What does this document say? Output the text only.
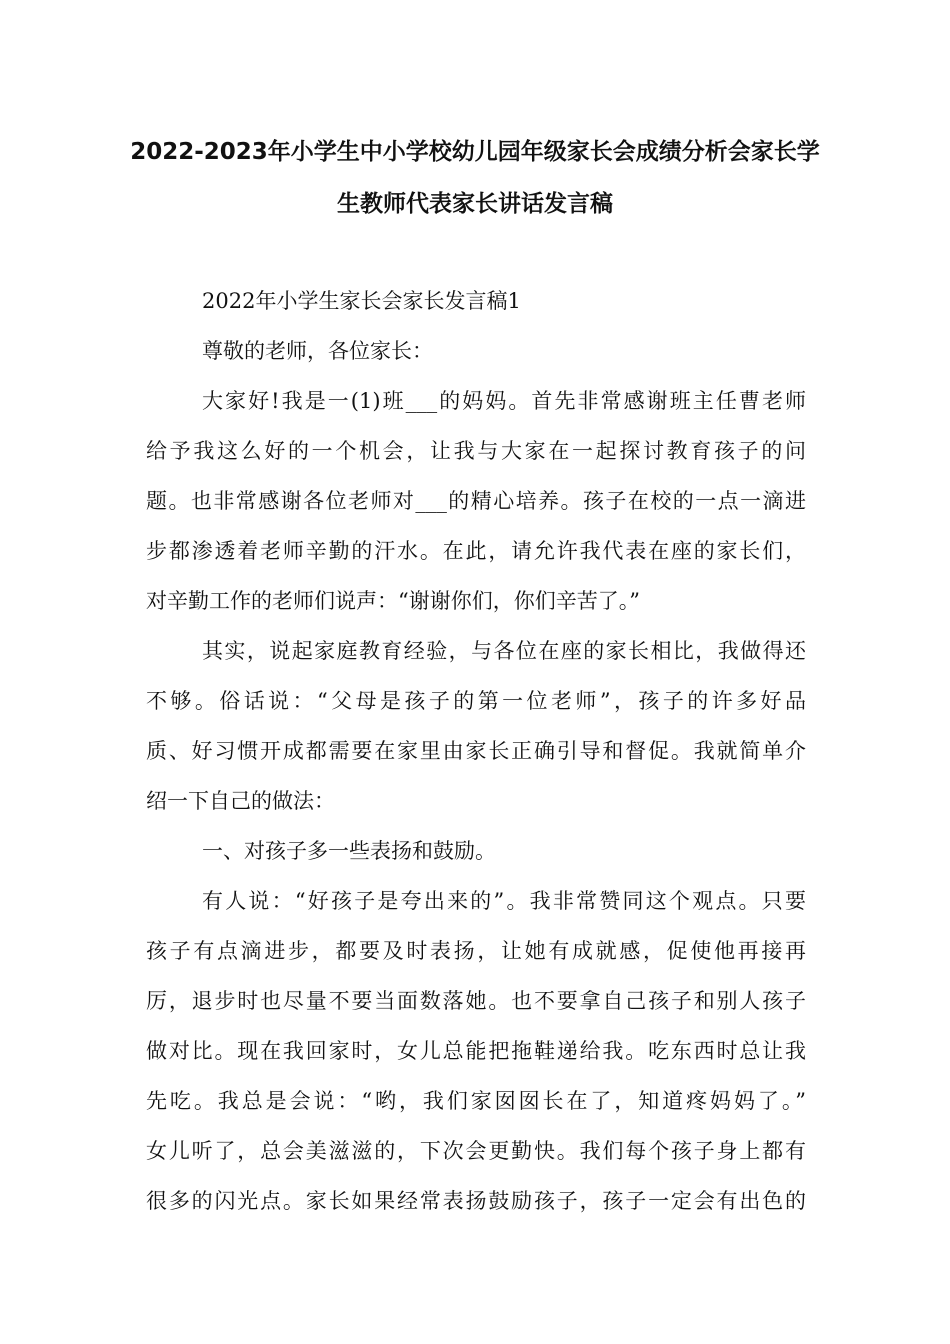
2022-2023年小学生中小学校幼儿园年级家长会成绩分析会家长学
生教师代表家长讲话发言稿
2022年小学生家长会家长发言稿1
尊敬的老师，各位家长：
大家好!我是一(1)班___的妈妈。首先非常感谢班主任曹老师
给予我这么好的一个机会，让我与大家在一起探讨教育孩子的问
题。也非常感谢各位老师对___的精心培养。孩子在校的一点一滴进
步都渗透着老师辛勤的汗水。在此，请允许我代表在座的家长们，
对辛勤工作的老师们说声：“谢谢你们，你们辛苦了。”
其实，说起家庭教育经验，与各位在座的家长相比，我做得还
不够。俗话说：“父母是孩子的第一位老师”，孩子的许多好品
质、好习惯开成都需要在家里由家长正确引导和督促。我就简单介
绍一下自己的做法：
一、对孩子多一些表扬和鼓励。
有人说：“好孩子是夸出来的”。我非常赞同这个观点。只要
孩子有点滴进步，都要及时表扬，让她有成就感，促使他再接再
厉，退步时也尽量不要当面数落她。也不要拿自己孩子和别人孩子
做对比。现在我回家时，女儿总能把拖鞋递给我。吃东西时总让我
先吃。我总是会说：“哟，我们家囡囡长在了，知道疼妈妈了。”
女儿听了，总会美滋滋的，下次会更勤快。我们每个孩子身上都有
很多的闪光点。家长如果经常表扬鼓励孩子，孩子一定会有出色的
